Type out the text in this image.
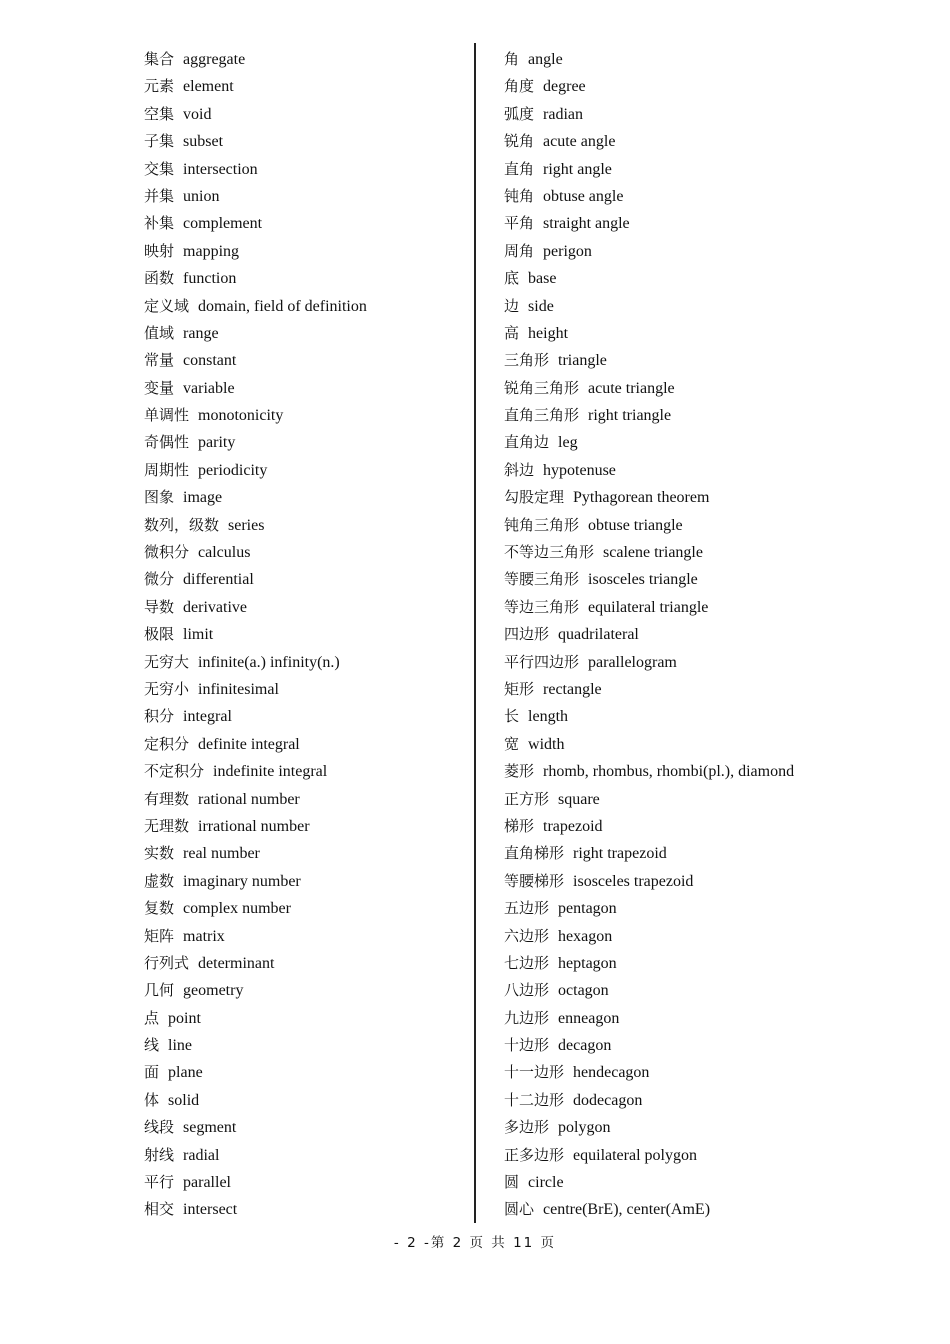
集合 aggregate
元素 element
空集 void
子集 subset
交集 intersection
并集 union
补集 complement
映射 mapping
函数 function
定义域 domain, field of definition
值域 range
常量 constant
变量 variable
单调性 monotonicity
奇偶性 parity
周期性 periodicity
图象 image
数列，级数 series
微积分 calculus
微分 differential
导数 derivative
极限 limit
无穷大 infinite(a.) infinity(n.)
无穷小 infinitesimal
积分 integral
定积分 definite integral
不定积分 indefinite integral
有理数 rational number
无理数 irrational number
实数 real number
虚数 imaginary number
复数 complex number
矩阵 matrix
行列式 determinant
几何 geometry
点 point
线 line
面 plane
体 solid
线段 segment
射线 radial
平行 parallel
相交 intersect
角 angle
角度 degree
弧度 radian
锐角 acute angle
直角 right angle
钝角 obtuse angle
平角 straight angle
周角 perigon
底 base
边 side
高 height
三角形 triangle
锐角三角形 acute triangle
直角三角形 right triangle
直角边 leg
斜边 hypotenuse
勾股定理 Pythagorean theorem
钝角三角形 obtuse triangle
不等边三角形 scalene triangle
等腰三角形 isosceles triangle
等边三角形 equilateral triangle
四边形 quadrilateral
平行四边形 parallelogram
矩形 rectangle
长 length
宽 width
菱形 rhomb, rhombus, rhombi(pl.), diamond
正方形 square
梯形 trapezoid
直角梯形 right trapezoid
等腰梯形 isosceles trapezoid
五边形 pentagon
六边形 hexagon
七边形 heptagon
八边形 octagon
九边形 enneagon
十边形 decagon
十一边形 hendecagon
十二边形 dodecagon
多边形 polygon
正多边形 equilateral polygon
圆 circle
圆心 centre(BrE), center(AmE)
- 2 -第 2 页 共 11 页
